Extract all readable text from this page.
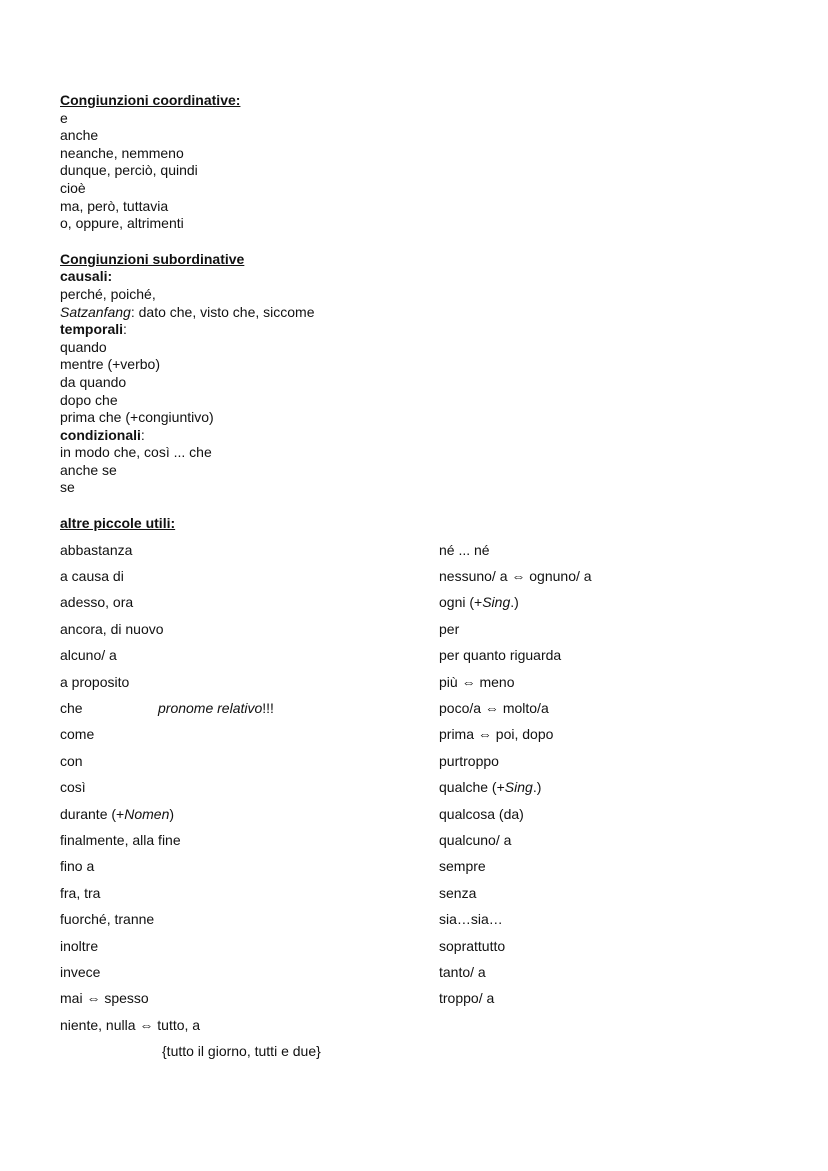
Congiunzioni coordinative:
e
anche
neanche, nemmeno
dunque, perciò, quindi
cioè
ma, però, tuttavia
o, oppure, altrimenti
Congiunzioni subordinative
causali:
perché, poiché,
Satzanfang: dato che, visto che, siccome
temporali:
quando
mentre (+verbo)
da quando
dopo che
prima che (+congiuntivo)
condizionali:
in modo che, così ... che
anche se
se
altre piccole utili:
abbastanza
a causa di
adesso, ora
ancora, di nuovo
alcuno/ a
a proposito
che	pronome relativo!!!
come
con
così
durante (+Nomen)
finalmente, alla fine
fino a
fra, tra
fuorché, tranne
inoltre
invece
mai ⇔ spesso
niente, nulla ⇔ tutto, a
{tutto il giorno, tutti e due}
né ... né
nessuno/ a ⇔ ognuno/ a
ogni (+Sing.)
per
per quanto riguarda
più ⇔ meno
poco/a ⇔ molto/a
prima ⇔ poi, dopo
purtroppo
qualche (+Sing.)
qualcosa (da)
qualcuno/ a
sempre
senza
sia…sia…
soprattutto
tanto/ a
troppo/ a
